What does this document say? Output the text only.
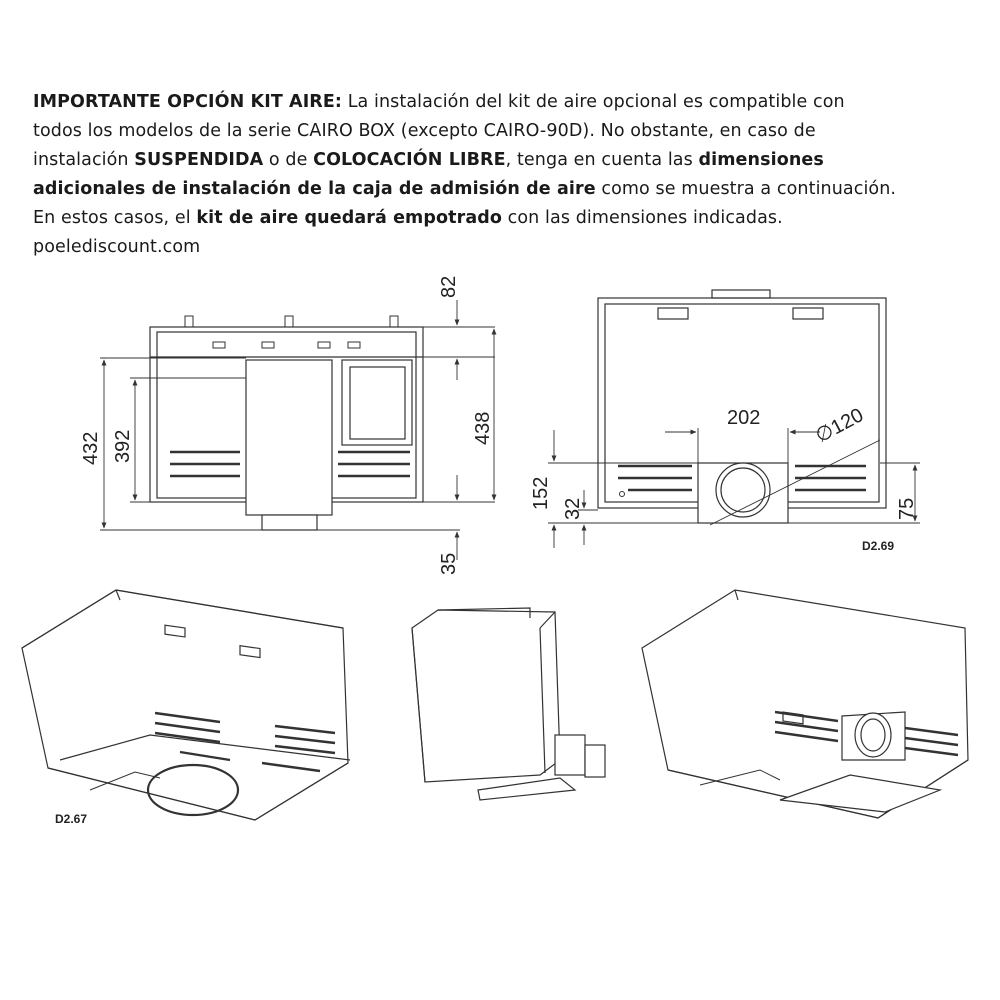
IMPORTANTE OPCIÓN KIT AIRE: La instalación del kit de aire opcional es compatible con
todos los modelos de la serie CAIRO BOX (excepto CAIRO-90D). No obstante, en caso de
instalación SUSPENDIDA o de COLOCACIÓN LIBRE, tenga en cuenta las dimensiones
adicionales de instalación de la caja de admisión de aire como se muestra a continuación.
En estos casos, el kit de aire quedará empotrado con las dimensiones indicadas.
poelediscount.com
82
432 392
438
35
202	∅120
152 32	75
D2.69
D2.67
